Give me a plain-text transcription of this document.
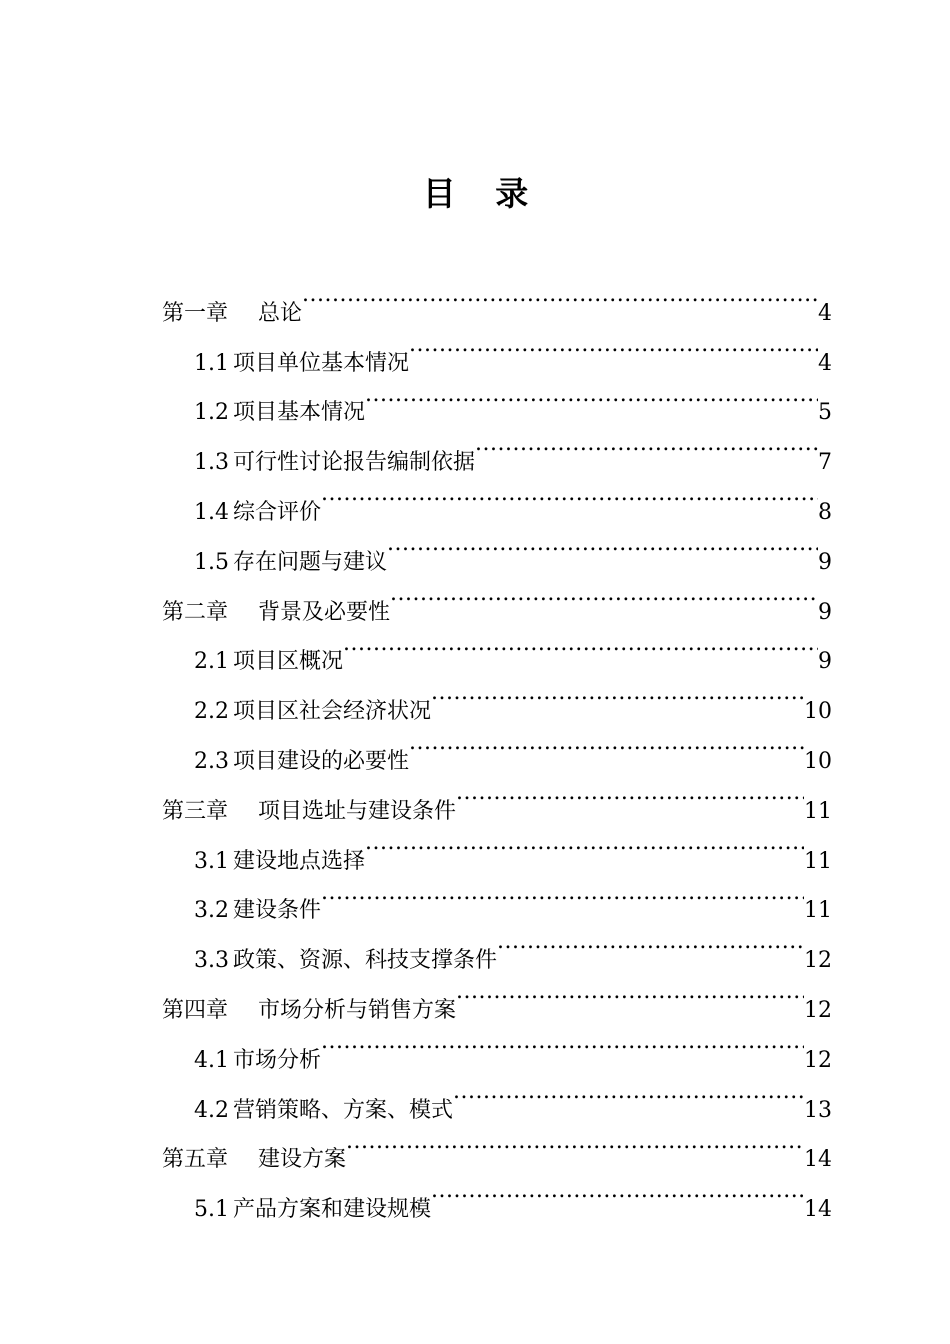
目 录
第一章 总论 .....	4
1.1 项目单位基本情况 .....	4
1.2 项目基本情况 .....	5
1.3 可行性讨论报告编制依据 .....	7
1.4 综合评价 .....	8
1.5 存在问题与建议 .....	9
第二章 背景及必要性 .....	9
2.1 项目区概况 .....	9
2.2 项目区社会经济状况 .....	10
2.3 项目建设的必要性 .....	10
第三章 项目选址与建设条件 .....	11
3.1 建设地点选择 .....	11
3.2 建设条件 .....	11
3.3 政策、资源、科技支撑条件 .....	12
第四章 市场分析与销售方案 .....	12
4.1 市场分析 .....	12
4.2 营销策略、方案、模式 .....	13
第五章 建设方案 .....	14
5.1 产品方案和建设规模 .....	14
